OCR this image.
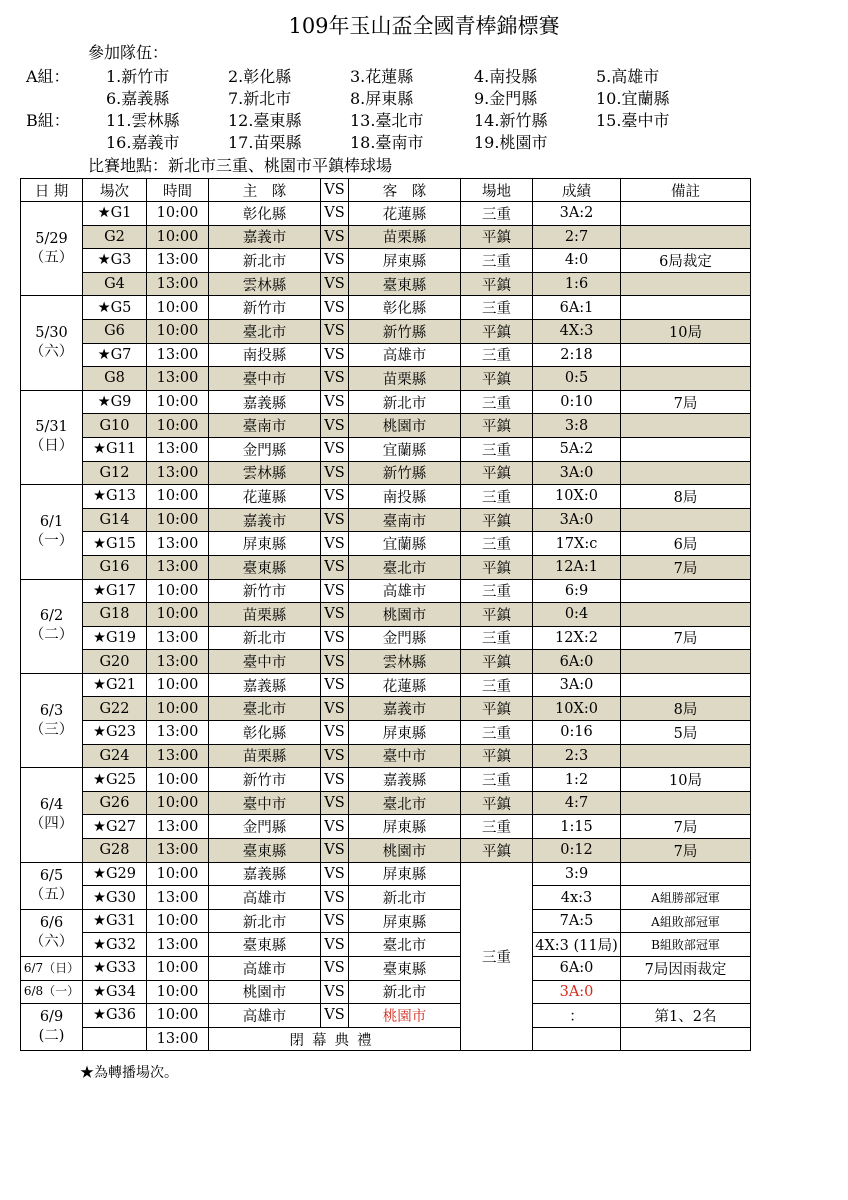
109年玉山盃全國青棒錦標賽
參加隊伍：
A組：
B組：
1.新竹市	2.彰化縣	3.花蓮縣	4.南投縣	5.高雄市
6.嘉義縣	7.新北市	8.屏東縣	9.金門縣	10.宜蘭縣
11.雲林縣	12.臺東縣	13.臺北市	14.新竹縣	15.臺中市
16.嘉義市	17.苗栗縣	18.臺南市	19.桃園市
比賽地點：新北市三重、桃園市平鎮棒球場
日 期	場次	時間	主　隊	VS	客　隊	場地	成績	備註

5/29
（五）	★G1	10:00	彰化縣	VS	花蓮縣	三重	3A:2	
	G2	10:00	嘉義市	VS	苗栗縣	平鎮	2:7	
	★G3	13:00	新北市	VS	屏東縣	三重	4:0	6局裁定
	G4	13:00	雲林縣	VS	臺東縣	平鎮	1:6	

5/30
（六）	★G5	10:00	新竹市	VS	彰化縣	三重	6A:1	
	G6	10:00	臺北市	VS	新竹縣	平鎮	4X:3	10局
	★G7	13:00	南投縣	VS	高雄市	三重	2:18	
	G8	13:00	臺中市	VS	苗栗縣	平鎮	0:5	

5/31
（日）	★G9	10:00	嘉義縣	VS	新北市	三重	0:10	7局
	G10	10:00	臺南市	VS	桃園市	平鎮	3:8	
	★G11	13:00	金門縣	VS	宜蘭縣	三重	5A:2	
	G12	13:00	雲林縣	VS	新竹縣	平鎮	3A:0	

6/1
（一）	★G13	10:00	花蓮縣	VS	南投縣	三重	10X:0	8局
	G14	10:00	嘉義市	VS	臺南市	平鎮	3A:0	
	★G15	13:00	屏東縣	VS	宜蘭縣	三重	17X:c	6局
	G16	13:00	臺東縣	VS	臺北市	平鎮	12A:1	7局

6/2
（二）	★G17	10:00	新竹市	VS	高雄市	三重	6:9	
	G18	10:00	苗栗縣	VS	桃園市	平鎮	0:4	
	★G19	13:00	新北市	VS	金門縣	三重	12X:2	7局
	G20	13:00	臺中市	VS	雲林縣	平鎮	6A:0	

6/3
（三）	★G21	10:00	嘉義縣	VS	花蓮縣	三重	3A:0	
	G22	10:00	臺北市	VS	嘉義市	平鎮	10X:0	8局
	★G23	13:00	彰化縣	VS	屏東縣	三重	0:16	5局
	G24	13:00	苗栗縣	VS	臺中市	平鎮	2:3	

6/4
（四）	★G25	10:00	新竹市	VS	嘉義縣	三重	1:2	10局
	G26	10:00	臺中市	VS	臺北市	平鎮	4:7	
	★G27	13:00	金門縣	VS	屏東縣	三重	1:15	7局
	G28	13:00	臺東縣	VS	桃園市	平鎮	0:12	7局

6/5
（五）	★G29	10:00	嘉義縣	VS	屏東縣	三重	3:9	
	★G30	13:00	高雄市	VS	新北市		4x:3	A組勝部冠軍

6/6
（六）	★G31	10:00	新北市	VS	屏東縣		7A:5	A組敗部冠軍
	★G32	13:00	臺東縣	VS	臺北市		4X:3 (11局)	B組敗部冠軍

6/7（日）	★G33	10:00	高雄市	VS	臺東縣		6A:0	7局因雨裁定

6/8（一）	★G34	10:00	桃園市	VS	新北市		3A:0	

6/9
(二)	★G36	10:00	高雄市	VS	桃園市		：	第1、2名
		13:00	閉幕典禮					
★為轉播場次。
